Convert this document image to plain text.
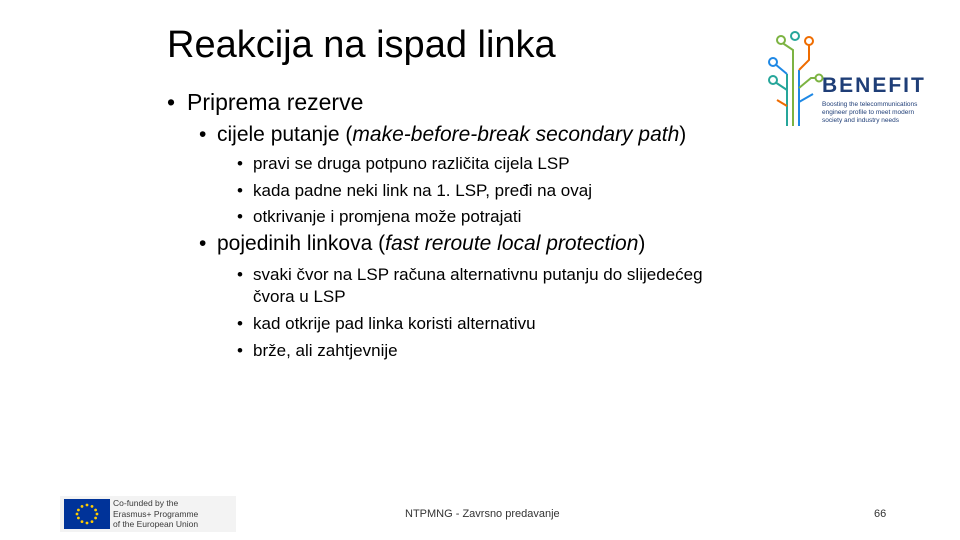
Reakcija na ispad linka
• Priprema rezerve
• cijele putanje (make-before-break secondary path)
• pravi se druga potpuno različita cijela LSP
• kada padne neki link na 1. LSP, pređi na ovaj
• otkrivanje i promjena može potrajati
• pojedinih linkova (fast reroute local protection)
• svaki čvor na LSP računa alternativnu putanju do slijedećeg
čvora u LSP
• kad otkrije pad linka koristi alternativu
• brže, ali zahtjevnije
BENEFIT
Boosting the telecommunications
engineer profile to meet modern
society and industry needs
Co-funded by the
Erasmus+ Programme
of the European Union
NTPMNG - Zavrsno predavanje	66
